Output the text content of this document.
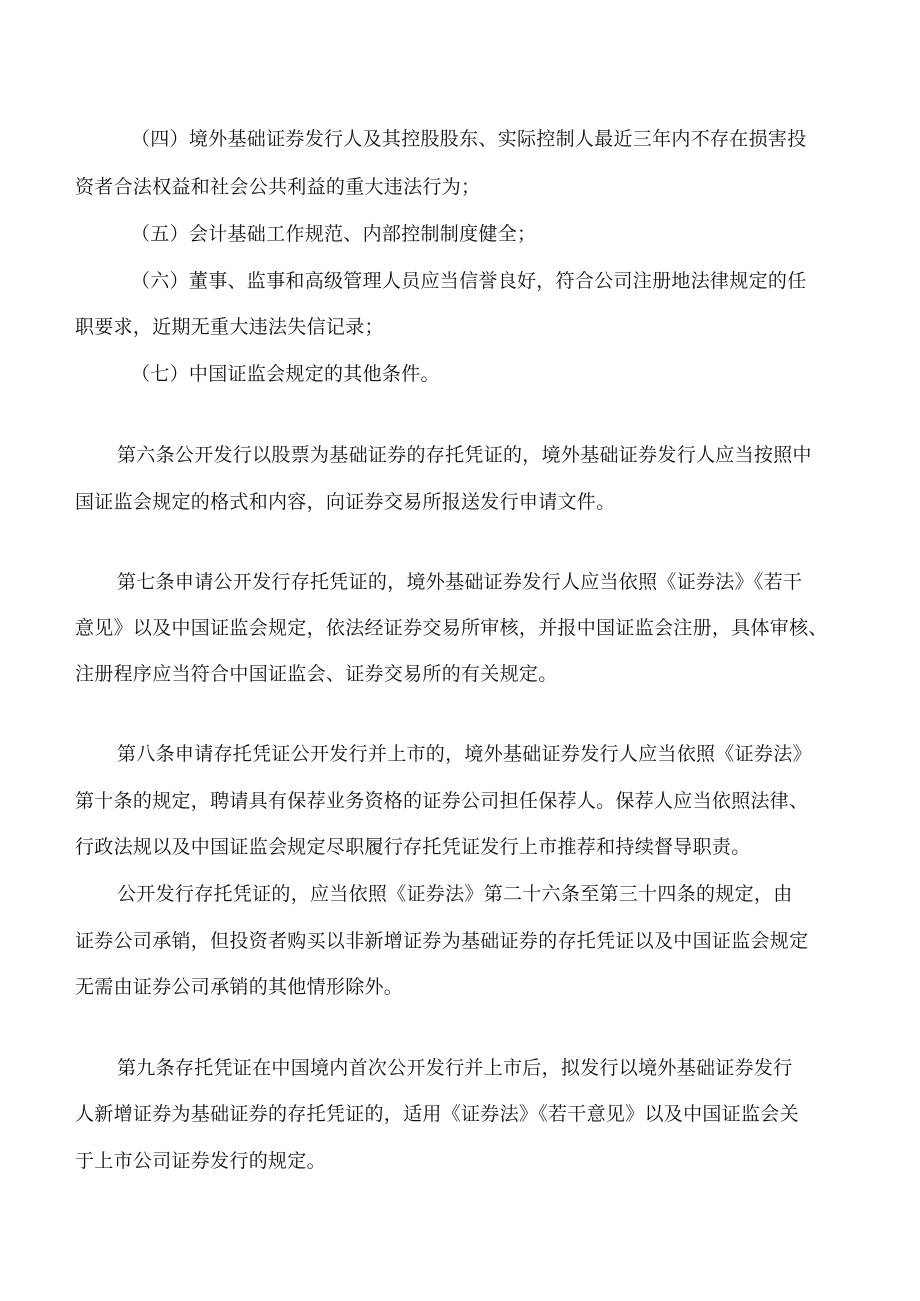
（四）境外基础证券发行人及其控股股东、实际控制人最近三年内不存在损害投
资者合法权益和社会公共利益的重大违法行为；
（五）会计基础工作规范、内部控制制度健全；
（六）董事、监事和高级管理人员应当信誉良好，符合公司注册地法律规定的任
职要求，近期无重大违法失信记录；
（七）中国证监会规定的其他条件。
第六条公开发行以股票为基础证券的存托凭证的，境外基础证券发行人应当按照中
国证监会规定的格式和内容，向证券交易所报送发行申请文件。
第七条申请公开发行存托凭证的，境外基础证券发行人应当依照《证券法》《若干
意见》以及中国证监会规定，依法经证券交易所审核，并报中国证监会注册，具体审核、
注册程序应当符合中国证监会、证券交易所的有关规定。
第八条申请存托凭证公开发行并上市的，境外基础证券发行人应当依照《证券法》
第十条的规定，聘请具有保荐业务资格的证券公司担任保荐人。保荐人应当依照法律、
行政法规以及中国证监会规定尽职履行存托凭证发行上市推荐和持续督导职责。
公开发行存托凭证的，应当依照《证券法》第二十六条至第三十四条的规定，由
证券公司承销，但投资者购买以非新增证券为基础证券的存托凭证以及中国证监会规定
无需由证券公司承销的其他情形除外。
第九条存托凭证在中国境内首次公开发行并上市后，拟发行以境外基础证券发行
人新增证券为基础证券的存托凭证的，适用《证券法》《若干意见》以及中国证监会关
于上市公司证券发行的规定。
